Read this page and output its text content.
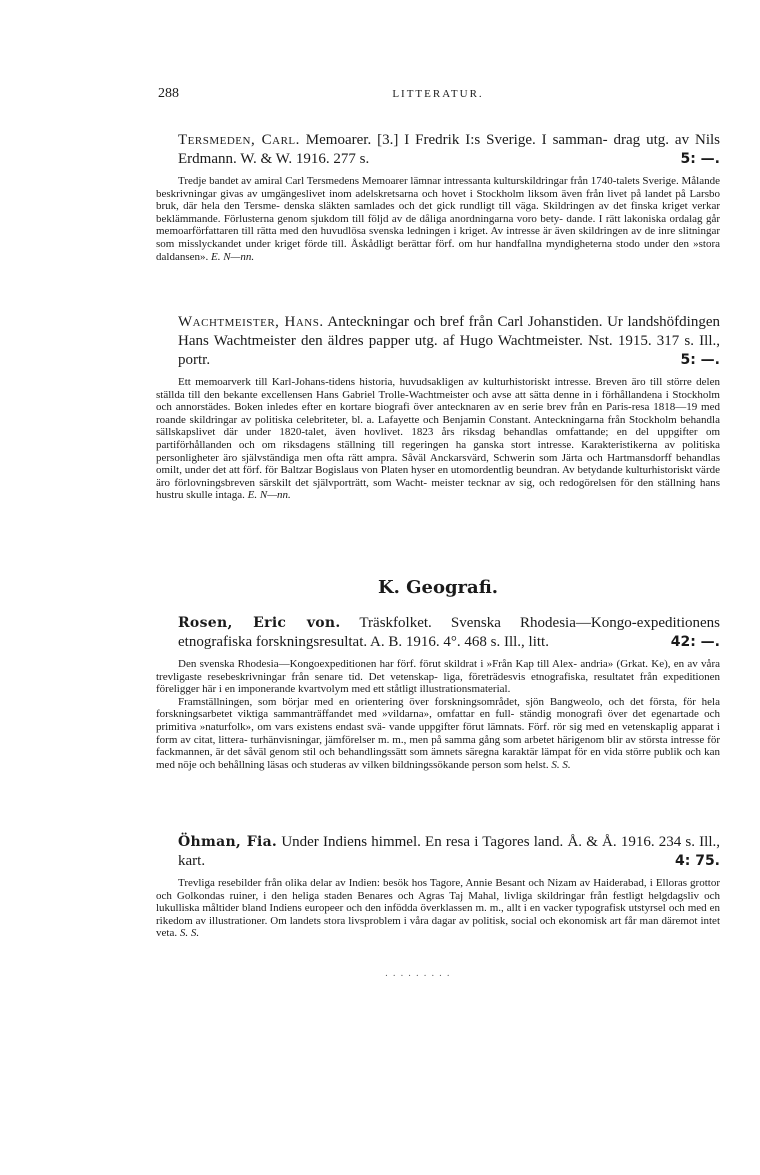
288	LITTERATUR.
Tersmeden, Carl. Memoarer. [3.] I Fredrik I:s Sverige. I samman- drag utg. av Nils Erdmann. W. & W. 1916. 277 s.	5: —.

Tredje bandet av amiral Carl Tersmedens Memoarer lämnar intressanta kulturskildringar från 1740-talets Sverige. Målande beskrivningar givas av umgängeslivet inom adelskretsarna och hovet i Stockholm liksom även från livet på landet på Larsbo bruk, där hela den Tersme- denska släkten samlades och det gick rundligt till väga. Skildringen av det finska kriget verkar beklämmande. Förlusterna genom sjukdom till följd av de dåliga anordningarna voro bety- dande. I rätt lakoniska ordalag går memoarförfattaren till rätta med den huvudlösa svenska ledningen i kriget. Av intresse är även skildringen av de inre slitningar som misslyckandet under kriget förde till. Åskådligt berättar förf. om hur handfallna myndigheterna stodo under den »stora daldansen». E. N—nn.

Wachtmeister, Hans. Anteckningar och bref från Carl Johanstiden. Ur landshöfdingen Hans Wachtmeister den äldres papper utg. af Hugo Wachtmeister. Nst. 1915. 317 s. Ill., portr.	5: —.

Ett memoarverk till Karl-Johans-tidens historia, huvudsakligen av kulturhistoriskt intresse. Breven äro till större delen ställda till den bekante excellensen Hans Gabriel Trolle-Wachtmeister och avse att sätta denne in i förhållandena i Stockholm och annorstädes. Boken inledes efter en kortare biografi över antecknaren av en serie brev från en Paris-resa 1818—19 med roande skildringar av politiska celebriteter, bl. a. Lafayette och Benjamin Constant. Anteckningarna från Stockholm behandla sällskapslivet där under 1820-talet, även hovlivet. 1823 års riksdag behandlas omfattande; en del uppgifter om partiförhållanden och om riksdagens ställning till regeringen ha ganska stort intresse. Karakteristikerna av politiska personligheter äro självständiga men ofta rätt amprа. Såväl Anckarsvärd, Schwerin som Järta och Hartmansdorff behandlas omilt, under det att förf. för Baltzar Bogislaus von Platen hyser en utomordentlig beundran. Av betydande kulturhistoriskt värde äro förlovningsbreven särskilt det självporträtt, som Wacht- meister tecknar av sig, och redogörelsen för den ställning hans hustru skulle intaga. E. N—nn.

K. Geografi.
Rosen, Eric von. Träskfolket. Svenska Rhodesia—Kongo-expeditionens etnografiska forskningsresultat. A. B. 1916. 4°. 468 s. Ill., litt.	42: —.

Den svenska Rhodesia—Kongoexpeditionen har förf. förut skildrat i »Från Kap till Alex- andria» (Grkat. Ke), en av våra trevligaste resebeskrivningar från senare tid. Det vetenskap- liga, företrädesvis etnografiska, resultatet från expeditionen föreligger här i en imponerande kvartvolym med ett ståtligt illustrationsmaterial.

Framställningen, som börjar med en orientering över forskningsområdet, sjön Bangweolo, och det första, för hela forskningsarbetet viktiga sammanträffandet med »vildarna», omfattar en full- ständig monografi över det egenartade och primitiva »naturfolk», om vars existens endast svä- vande uppgifter förut lämnats. Förf. rör sig med en vetenskaplig apparat i form av citat, littera- turhänvisningar, jämförelser m. m., men på samma gång som arbetet härigenom blir av största intresse för fackmannen, är det såväl genom stil och behandlingssätt som ämnets säregna karaktär lämpat för en vida större publik och kan med nöje och behållning läsas och studeras av vilken bildningssökande person som helst. S. S.

Öhman, Fia. Under Indiens himmel. En resa i Tagores land. Å. & Å. 1916. 234 s. Ill., kart.	4: 75.

Trevliga resebilder från olika delar av Indien: besök hos Tagore, Annie Besant och Nizam av Haiderabad, i Elloras grottor och Golkondas ruiner, i den heliga staden Benares och Agras Taj Mahal, livliga skildringar från festligt helgdagsliv och lukulliska måltider bland Indiens europeer och den infödda överklassen m. m., allt i en vacker typografisk utstyrsel och med en rikedom av illustrationer. Om landets stora livsproblem i våra dagar av politisk, social och ekonomisk art får man däremot intet veta. S. S.

. . . . . . . . .
